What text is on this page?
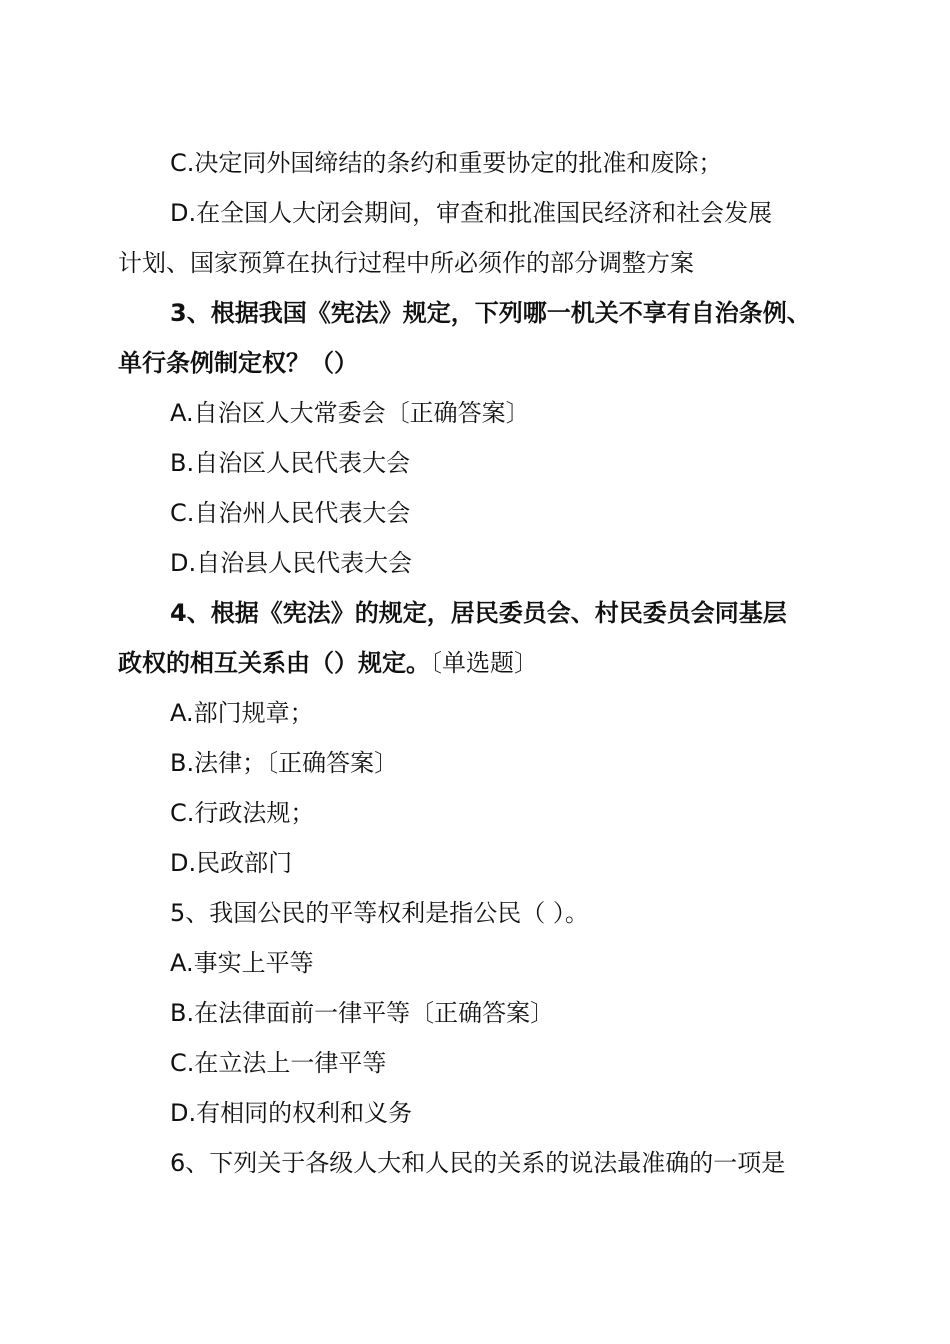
C.决定同外国缔结的条约和重要协定的批准和废除；
D.在全国人大闭会期间，审查和批准国民经济和社会发展
计划、国家预算在执行过程中所必须作的部分调整方案
3、根据我国《宪法》规定，下列哪一机关不享有自治条例、
单行条例制定权？（）
A.自治区人大常委会〔正确答案〕
B.自治区人民代表大会
C.自治州人民代表大会
D.自治县人民代表大会
4、根据《宪法》的规定，居民委员会、村民委员会同基层
政权的相互关系由（）规定。〔单选题〕
A.部门规章；
B.法律；〔正确答案〕
C.行政法规；
D.民政部门
5、我国公民的平等权利是指公民（ ）。
A.事实上平等
B.在法律面前一律平等〔正确答案〕
C.在立法上一律平等
D.有相同的权利和义务
6、下列关于各级人大和人民的关系的说法最准确的一项是
